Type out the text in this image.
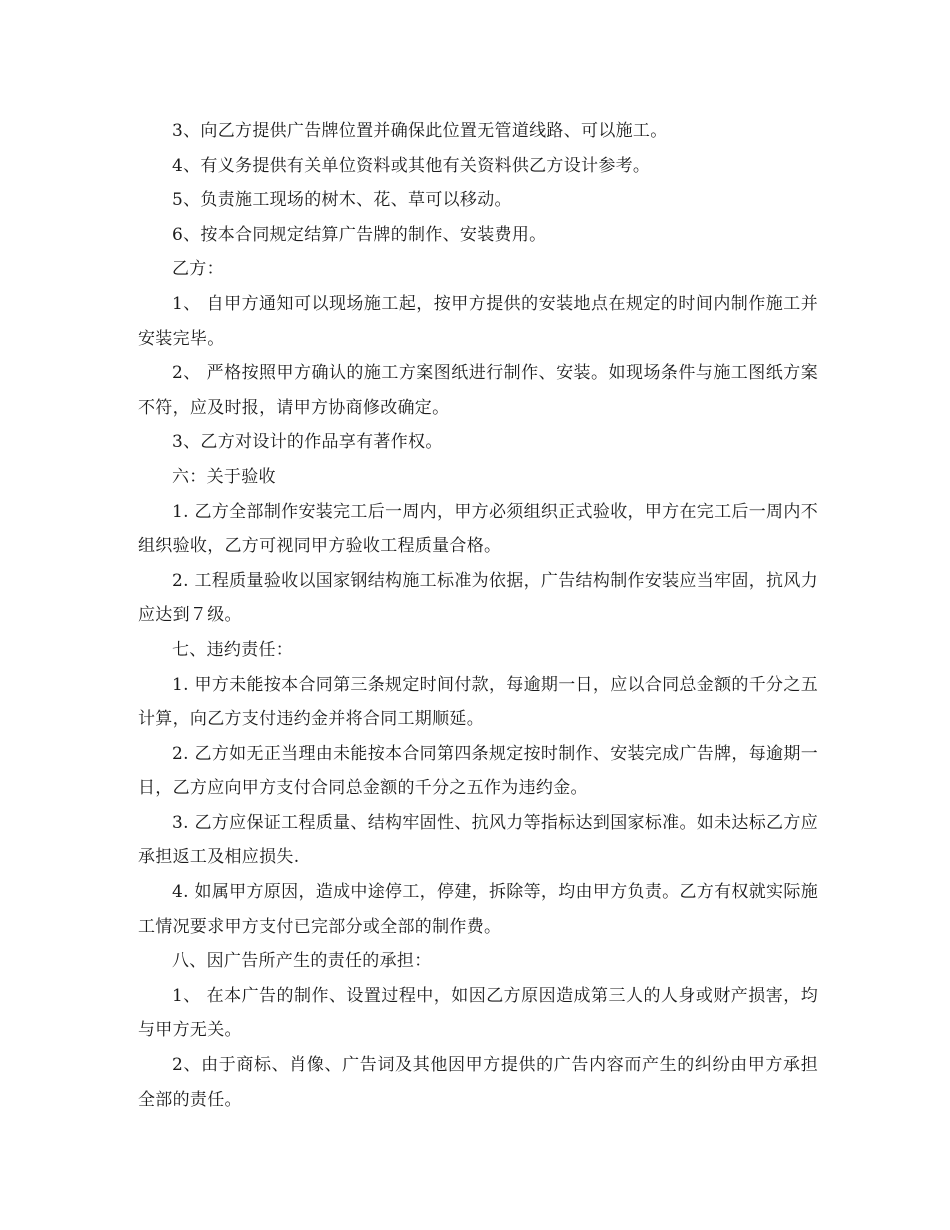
3、向乙方提供广告牌位置并确保此位置无管道线路、可以施工。

4、有义务提供有关单位资料或其他有关资料供乙方设计参考。

5、负责施工现场的树木、花、草可以移动。

6、按本合同规定结算广告牌的制作、安装费用。

乙方：

1、 自甲方通知可以现场施工起，按甲方提供的安装地点在规定的时间内制作施工并安装完毕。

2、 严格按照甲方确认的施工方案图纸进行制作、安装。如现场条件与施工图纸方案不符，应及时报，请甲方协商修改确定。

3、乙方对设计的作品享有著作权。

六：关于验收

1. 乙方全部制作安装完工后一周内，甲方必须组织正式验收，甲方在完工后一周内不组织验收，乙方可视同甲方验收工程质量合格。

2. 工程质量验收以国家钢结构施工标准为依据，广告结构制作安装应当牢固，抗风力应达到７级。

七、违约责任：

1. 甲方未能按本合同第三条规定时间付款，每逾期一日，应以合同总金额的千分之五计算，向乙方支付违约金并将合同工期顺延。

2. 乙方如无正当理由未能按本合同第四条规定按时制作、安装完成广告牌，每逾期一日，乙方应向甲方支付合同总金额的千分之五作为违约金。

3. 乙方应保证工程质量、结构牢固性、抗风力等指标达到国家标准。如未达标乙方应承担返工及相应损失.

4. 如属甲方原因，造成中途停工，停建，拆除等，均由甲方负责。乙方有权就实际施工情况要求甲方支付已完部分或全部的制作费。

八、因广告所产生的责任的承担：

1、 在本广告的制作、设置过程中，如因乙方原因造成第三人的人身或财产损害，均与甲方无关。

2、由于商标、肖像、广告词及其他因甲方提供的广告内容而产生的纠纷由甲方承担全部的责任。
